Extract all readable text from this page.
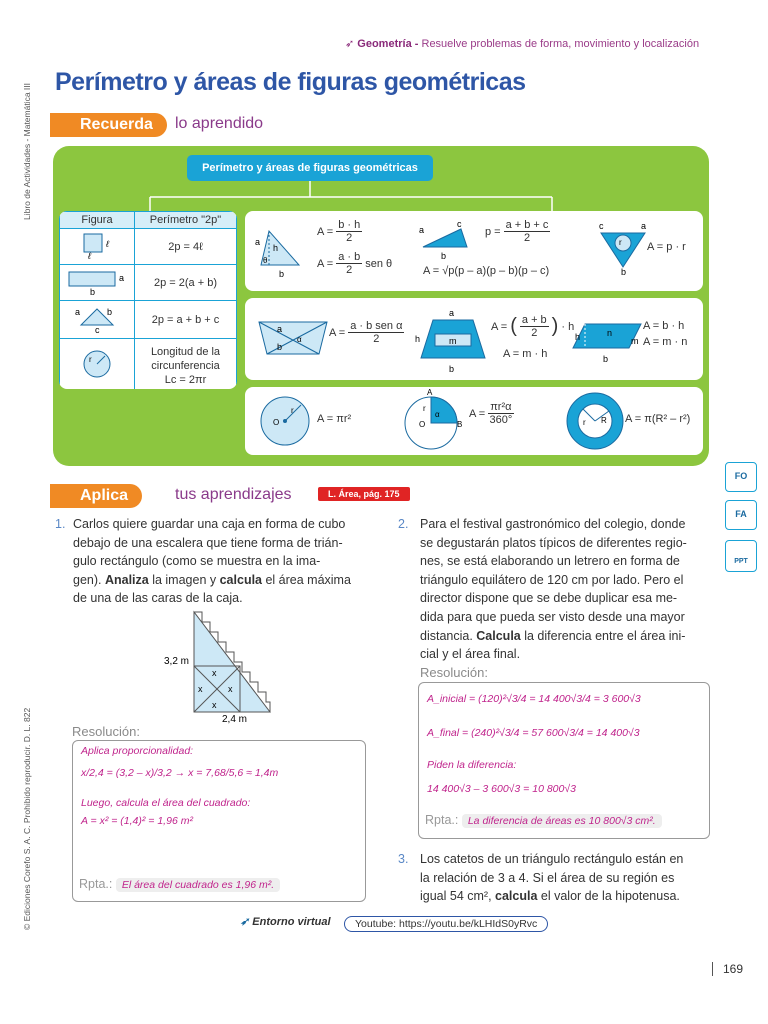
➶ Geometría - Resuelve problemas de forma, movimiento y localización
Libro de Actividades - Matemática III
© Ediciones Corefo S. A. C. Prohibido reproducir. D. L. 822
Perímetro y áreas de figuras geométricas
Recuerda	lo aprendido
Perímetro y áreas de figuras geométricas
Figura	Perímetro "2p"

ℓ
ℓ	2p = 4ℓ

a
b	2p = 2(a + b)

a b
c	2p = a + b + c

r	Longitud de la
circunferencia
Lc = 2πr
a
h
θ
b
$A = \frac{b \cdot h}{2}$
$A = \frac{a \cdot b}{2}$ sen θ
a
c
b
$p = \frac{a + b + c}{2}$
A = √p(p – a)(p – b)(p – c)
c
r
a
b
A = p · r
a
b
α
A =
a · b sen α
2
a
h	m
b
A = ( a + b
2 ) · h
A = m · h
h	n
m
b
A = b · h
A = m · n
O
r
A = πr²
A
r
α
O	B
$A = \frac{\text{πr²α}}{360^\circ}$	r R A = π(R² – r²)
Aplica	tus aprendizajes	L. Área, pág. 175
FO
FA
PPT
1. Carlos quiere guardar una caja en forma de cubo
debajo de una escalera que tiene forma de trián-
gulo rectángulo (como se muestra en la ima-
gen). Analiza la imagen y calcula el área máxima
de una de las caras de la caja.
3,2 m
2,4 m
x
x	x
x
Resolución:
Aplica proporcionalidad:
x/2,4 = (3,2 – x)/3,2 → x = 7,68/5,6 ≈ 1,4m
Luego, calcula el área del cuadrado:
A = x² = (1,4)² = 1,96 m²
Rpta.: El área del cuadrado es 1,96 m².
2. Para el festival gastronómico del colegio, donde
se degustarán platos típicos de diferentes regio-
nes, se está elaborando un letrero en forma de
triángulo equilátero de 120 cm por lado. Pero el
director dispone que se debe duplicar esa me-
dida para que pueda ser visto desde una mayor
distancia. Calcula la diferencia entre el área ini-
cial y el área final.
Resolución:
A_inicial = (120)²√3/4 = 14 400√3/4 = 3 600√3
A_final = (240)²√3/4 = 57 600√3/4 = 14 400√3
Piden la diferencia:
14 400√3 – 3 600√3 = 10 800√3
Rpta.: La diferencia de áreas es 10 800√3 cm².
3. Los catetos de un triángulo rectángulo están en
la relación de 3 a 4. Si el área de su región es
igual 54 cm², calcula el valor de la hipotenusa.
➶ Entorno virtual	Youtube: https://youtu.be/kLHIdS0yRvc
169
